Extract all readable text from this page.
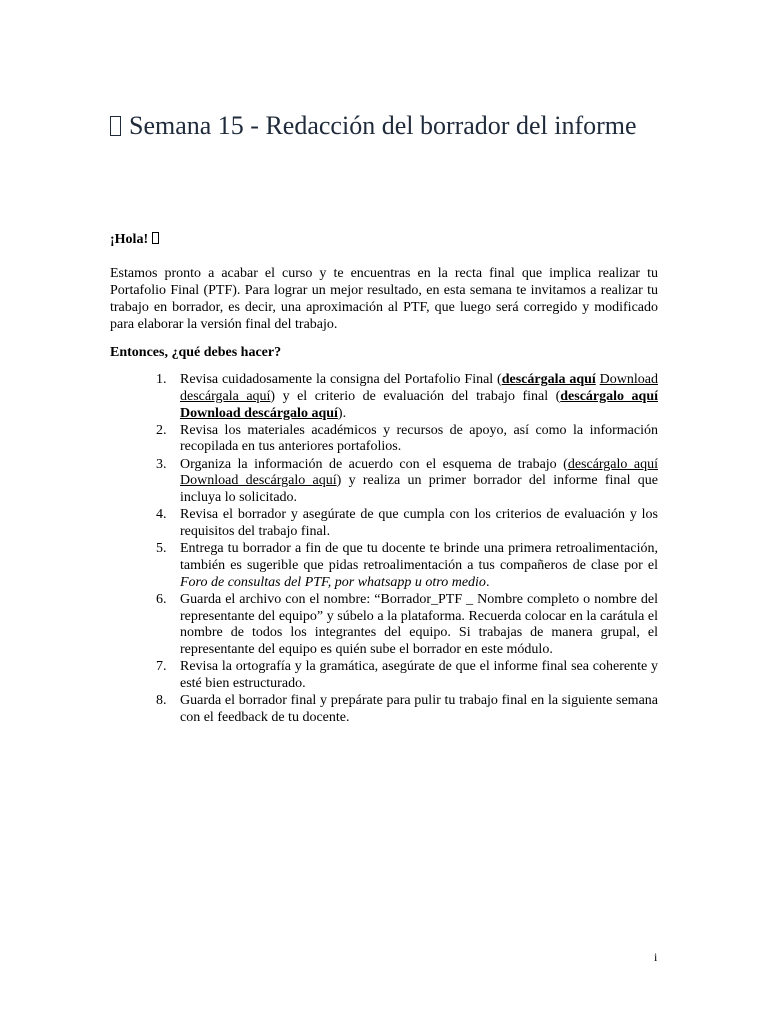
Semana 15 - Redacción del borrador del informe

¡Hola!

Estamos pronto a acabar el curso y te encuentras en la recta final que implica realizar tu Portafolio Final (PTF). Para lograr un mejor resultado, en esta semana te invitamos a realizar tu trabajo en borrador, es decir, una aproximación al PTF, que luego será corregido y modificado para elaborar la versión final del trabajo.

Entonces, ¿qué debes hacer?

1. Revisa cuidadosamente la consigna del Portafolio Final (descárgala aquí Download descárgala aquí) y el criterio de evaluación del trabajo final (descárgalo aquí Download descárgalo aquí).
2. Revisa los materiales académicos y recursos de apoyo, así como la información recopilada en tus anteriores portafolios.
3. Organiza la información de acuerdo con el esquema de trabajo (descárgalo aquí Download descárgalo aquí) y realiza un primer borrador del informe final que incluya lo solicitado.
4. Revisa el borrador y asegúrate de que cumpla con los criterios de evaluación y los requisitos del trabajo final.
5. Entrega tu borrador a fin de que tu docente te brinde una primera retroalimentación, también es sugerible que pidas retroalimentación a tus compañeros de clase por el Foro de consultas del PTF, por whatsapp u otro medio.
6. Guarda el archivo con el nombre: “Borrador_PTF _ Nombre completo o nombre del representante del equipo” y súbelo a la plataforma. Recuerda colocar en la carátula el nombre de todos los integrantes del equipo. Si trabajas de manera grupal, el representante del equipo es quién sube el borrador en este módulo.
7. Revisa la ortografía y la gramática, asegúrate de que el informe final sea coherente y esté bien estructurado.
8. Guarda el borrador final y prepárate para pulir tu trabajo final en la siguiente semana con el feedback de tu docente.
i
